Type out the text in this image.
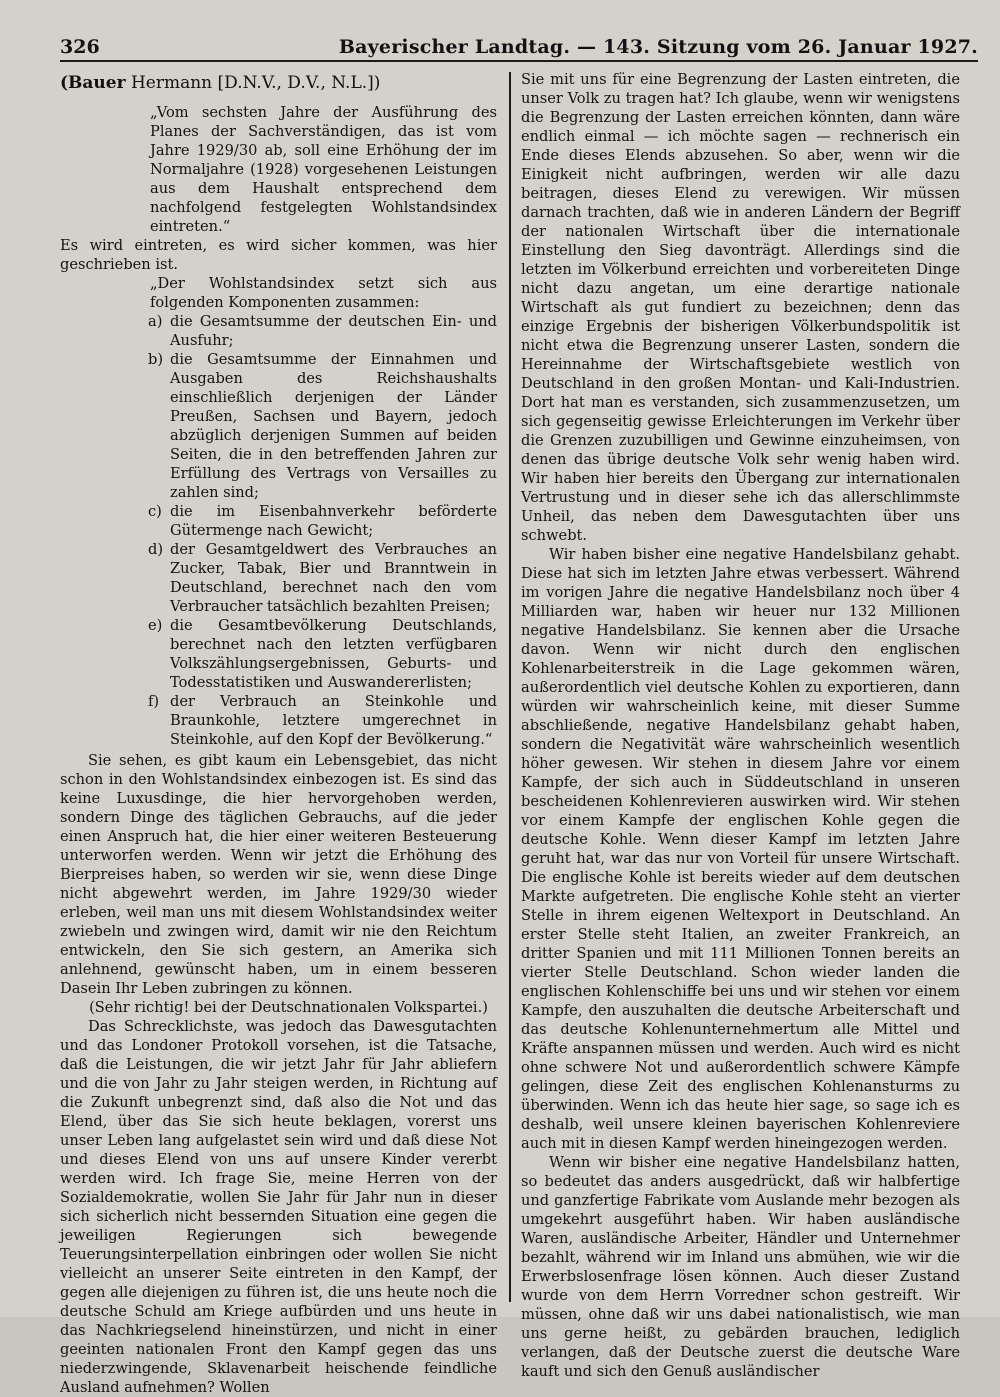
326	Bayerischer Landtag. — 143. Sitzung vom 26. Januar 1927.

(Bauer Hermann [D.N.V., D.V., N.L.])

„Vom sechsten Jahre der Ausführung des Planes der Sachverständigen, das ist vom Jahre 1929/30 ab, soll eine Erhöhung der im Normaljahre (1928) vorgesehenen Leistungen aus dem Haushalt entsprechend dem nachfolgend festgelegten Wohlstandsindex eintreten.“

Es wird eintreten, es wird sicher kommen, was hier geschrieben ist.

„Der Wohlstandsindex setzt sich aus folgenden Komponenten zusammen:

a) die Gesamtsumme der deutschen Ein- und Ausfuhr;
b) die Gesamtsumme der Einnahmen und Ausgaben des Reichshaushalts einschließlich derjenigen der Länder Preußen, Sachsen und Bayern, jedoch abzüglich derjenigen Summen auf beiden Seiten, die in den betreffenden Jahren zur Erfüllung des Vertrags von Versailles zu zahlen sind;
c) die im Eisenbahnverkehr beförderte Gütermenge nach Gewicht;
d) der Gesamtgeldwert des Verbrauches an Zucker, Tabak, Bier und Branntwein in Deutschland, berechnet nach den vom Verbraucher tatsächlich bezahlten Preisen;
e) die Gesamtbevölkerung Deutschlands, berechnet nach den letzten verfügbaren Volkszählungsergebnissen, Geburts- und Todesstatistiken und Auswandererlisten;
f) der Verbrauch an Steinkohle und Braunkohle, letztere umgerechnet in Steinkohle, auf den Kopf der Bevölkerung.“

Sie sehen, es gibt kaum ein Lebensgebiet, das nicht schon in den Wohlstandsindex einbezogen ist. Es sind das keine Luxusdinge, die hier hervorgehoben werden, sondern Dinge des täglichen Gebrauchs, auf die jeder einen Anspruch hat, die hier einer weiteren Besteuerung unterworfen werden. Wenn wir jetzt die Erhöhung des Bierpreises haben, so werden wir sie, wenn diese Dinge nicht abgewehrt werden, im Jahre 1929/30 wieder erleben, weil man uns mit diesem Wohlstandsindex weiter zwiebeln und zwingen wird, damit wir nie den Reichtum entwickeln, den Sie sich gestern, an Amerika sich anlehnend, gewünscht haben, um in einem besseren Dasein Ihr Leben zubringen zu können.

(Sehr richtig! bei der Deutschnationalen Volkspartei.)

Das Schrecklichste, was jedoch das Dawesgutachten und das Londoner Protokoll vorsehen, ist die Tatsache, daß die Leistungen, die wir jetzt Jahr für Jahr abliefern und die von Jahr zu Jahr steigen werden, in Richtung auf die Zukunft unbegrenzt sind, daß also die Not und das Elend, über das Sie sich heute beklagen, vorerst uns unser Leben lang aufgelastet sein wird und daß diese Not und dieses Elend von uns auf unsere Kinder vererbt werden wird. Ich frage Sie, meine Herren von der Sozialdemokratie, wollen Sie Jahr für Jahr nun in dieser sich sicherlich nicht bessernden Situation eine gegen die jeweiligen Regierungen sich bewegende Teuerungsinterpellation einbringen oder wollen Sie nicht vielleicht an unserer Seite eintreten in den Kampf, der gegen alle diejenigen zu führen ist, die uns heute noch die deutsche Schuld am Kriege aufbürden und uns heute in das Nachkriegselend hineinstürzen, und nicht in einer geeinten nationalen Front den Kampf gegen das uns niederzwingende, Sklavenarbeit heischende feindliche Ausland aufnehmen? Wollen

Sie mit uns für eine Begrenzung der Lasten eintreten, die unser Volk zu tragen hat? Ich glaube, wenn wir wenigstens die Begrenzung der Lasten erreichen könnten, dann wäre endlich einmal — ich möchte sagen — rechnerisch ein Ende dieses Elends abzusehen. So aber, wenn wir die Einigkeit nicht aufbringen, werden wir alle dazu beitragen, dieses Elend zu verewigen. Wir müssen darnach trachten, daß wie in anderen Ländern der Begriff der nationalen Wirtschaft über die internationale Einstellung den Sieg davonträgt. Allerdings sind die letzten im Völkerbund erreichten und vorbereiteten Dinge nicht dazu angetan, um eine derartige nationale Wirtschaft als gut fundiert zu bezeichnen; denn das einzige Ergebnis der bisherigen Völkerbundspolitik ist nicht etwa die Begrenzung unserer Lasten, sondern die Hereinnahme der Wirtschaftsgebiete westlich von Deutschland in den großen Montan- und Kali-Industrien. Dort hat man es verstanden, sich zusammenzusetzen, um sich gegenseitig gewisse Erleichterungen im Verkehr über die Grenzen zuzubilligen und Gewinne einzuheimsen, von denen das übrige deutsche Volk sehr wenig haben wird. Wir haben hier bereits den Übergang zur internationalen Vertrustung und in dieser sehe ich das allerschlimmste Unheil, das neben dem Dawesgutachten über uns schwebt.

Wir haben bisher eine negative Handelsbilanz gehabt. Diese hat sich im letzten Jahre etwas verbessert. Während im vorigen Jahre die negative Handelsbilanz noch über 4 Milliarden war, haben wir heuer nur 132 Millionen negative Handelsbilanz. Sie kennen aber die Ursache davon. Wenn wir nicht durch den englischen Kohlenarbeiterstreik in die Lage gekommen wären, außerordentlich viel deutsche Kohlen zu exportieren, dann würden wir wahrscheinlich keine, mit dieser Summe abschließende, negative Handelsbilanz gehabt haben, sondern die Negativität wäre wahrscheinlich wesentlich höher gewesen. Wir stehen in diesem Jahre vor einem Kampfe, der sich auch in Süddeutschland in unseren bescheidenen Kohlenrevieren auswirken wird. Wir stehen vor einem Kampfe der englischen Kohle gegen die deutsche Kohle. Wenn dieser Kampf im letzten Jahre geruht hat, war das nur von Vorteil für unsere Wirtschaft. Die englische Kohle ist bereits wieder auf dem deutschen Markte aufgetreten. Die englische Kohle steht an vierter Stelle in ihrem eigenen Weltexport in Deutschland. An erster Stelle steht Italien, an zweiter Frankreich, an dritter Spanien und mit 111 Millionen Tonnen bereits an vierter Stelle Deutschland. Schon wieder landen die englischen Kohlenschiffe bei uns und wir stehen vor einem Kampfe, den auszuhalten die deutsche Arbeiterschaft und das deutsche Kohlenunternehmertum alle Mittel und Kräfte anspannen müssen und werden. Auch wird es nicht ohne schwere Not und außerordentlich schwere Kämpfe gelingen, diese Zeit des englischen Kohlenansturms zu überwinden. Wenn ich das heute hier sage, so sage ich es deshalb, weil unsere kleinen bayerischen Kohlenreviere auch mit in diesen Kampf werden hineingezogen werden.

Wenn wir bisher eine negative Handelsbilanz hatten, so bedeutet das anders ausgedrückt, daß wir halbfertige und ganzfertige Fabrikate vom Auslande mehr bezogen als umgekehrt ausgeführt haben. Wir haben ausländische Waren, ausländische Arbeiter, Händler und Unternehmer bezahlt, während wir im Inland uns abmühen, wie wir die Erwerbslosenfrage lösen können. Auch dieser Zustand wurde von dem Herrn Vorredner schon gestreift. Wir müssen, ohne daß wir uns dabei nationalistisch, wie man uns gerne heißt, zu gebärden brauchen, lediglich verlangen, daß der Deutsche zuerst die deutsche Ware kauft und sich den Genuß ausländischer
